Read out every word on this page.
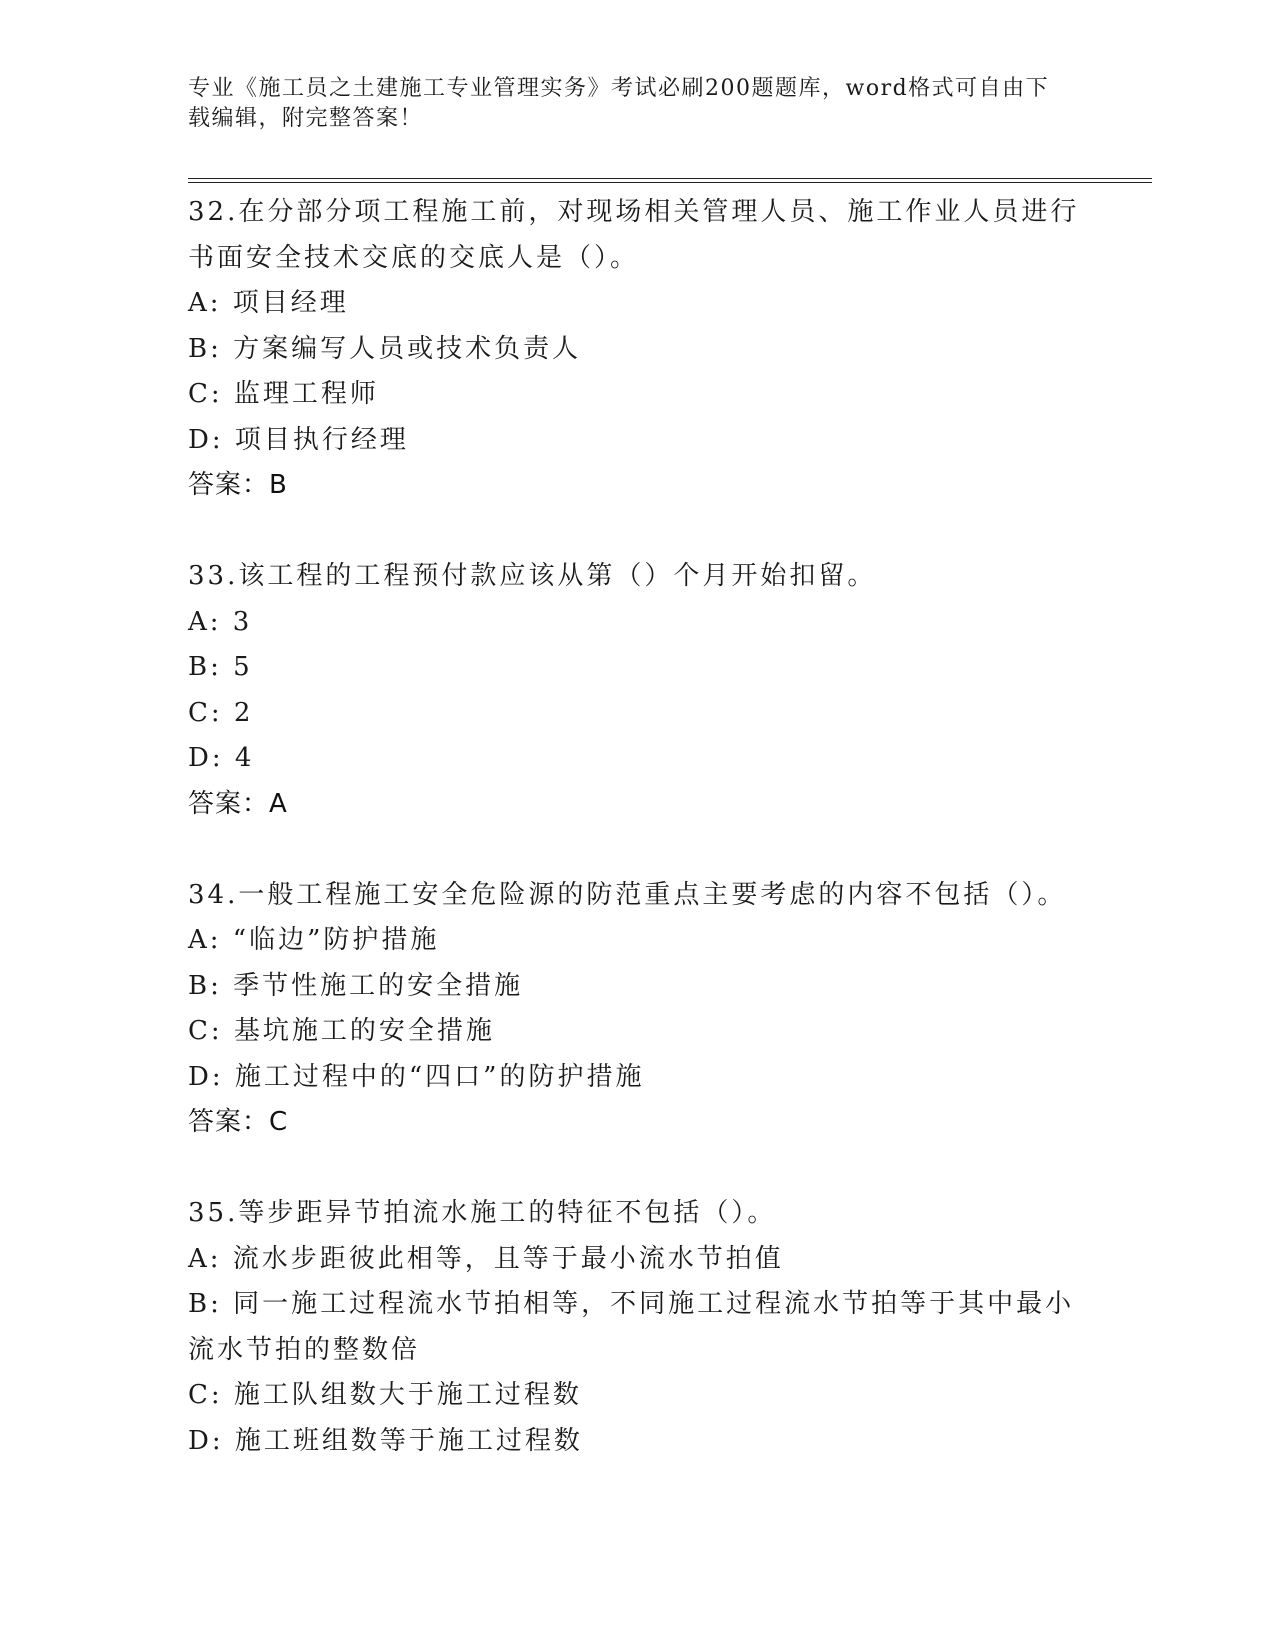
专业《施工员之土建施工专业管理实务》考试必刷200题题库，word格式可自由下载编辑，附完整答案！
32.在分部分项工程施工前，对现场相关管理人员、施工作业人员进行书面安全技术交底的交底人是（）。
A: 项目经理
B: 方案编写人员或技术负责人
C: 监理工程师
D: 项目执行经理
答案：B
33.该工程的工程预付款应该从第（）个月开始扣留。
A: 3
B: 5
C: 2
D: 4
答案：A
34.一般工程施工安全危险源的防范重点主要考虑的内容不包括（）。
A: “临边”防护措施
B: 季节性施工的安全措施
C: 基坑施工的安全措施
D: 施工过程中的“四口”的防护措施
答案：C
35.等步距异节拍流水施工的特征不包括（）。
A: 流水步距彼此相等，且等于最小流水节拍值
B: 同一施工过程流水节拍相等，不同施工过程流水节拍等于其中最小流水节拍的整数倍
C: 施工队组数大于施工过程数
D: 施工班组数等于施工过程数
